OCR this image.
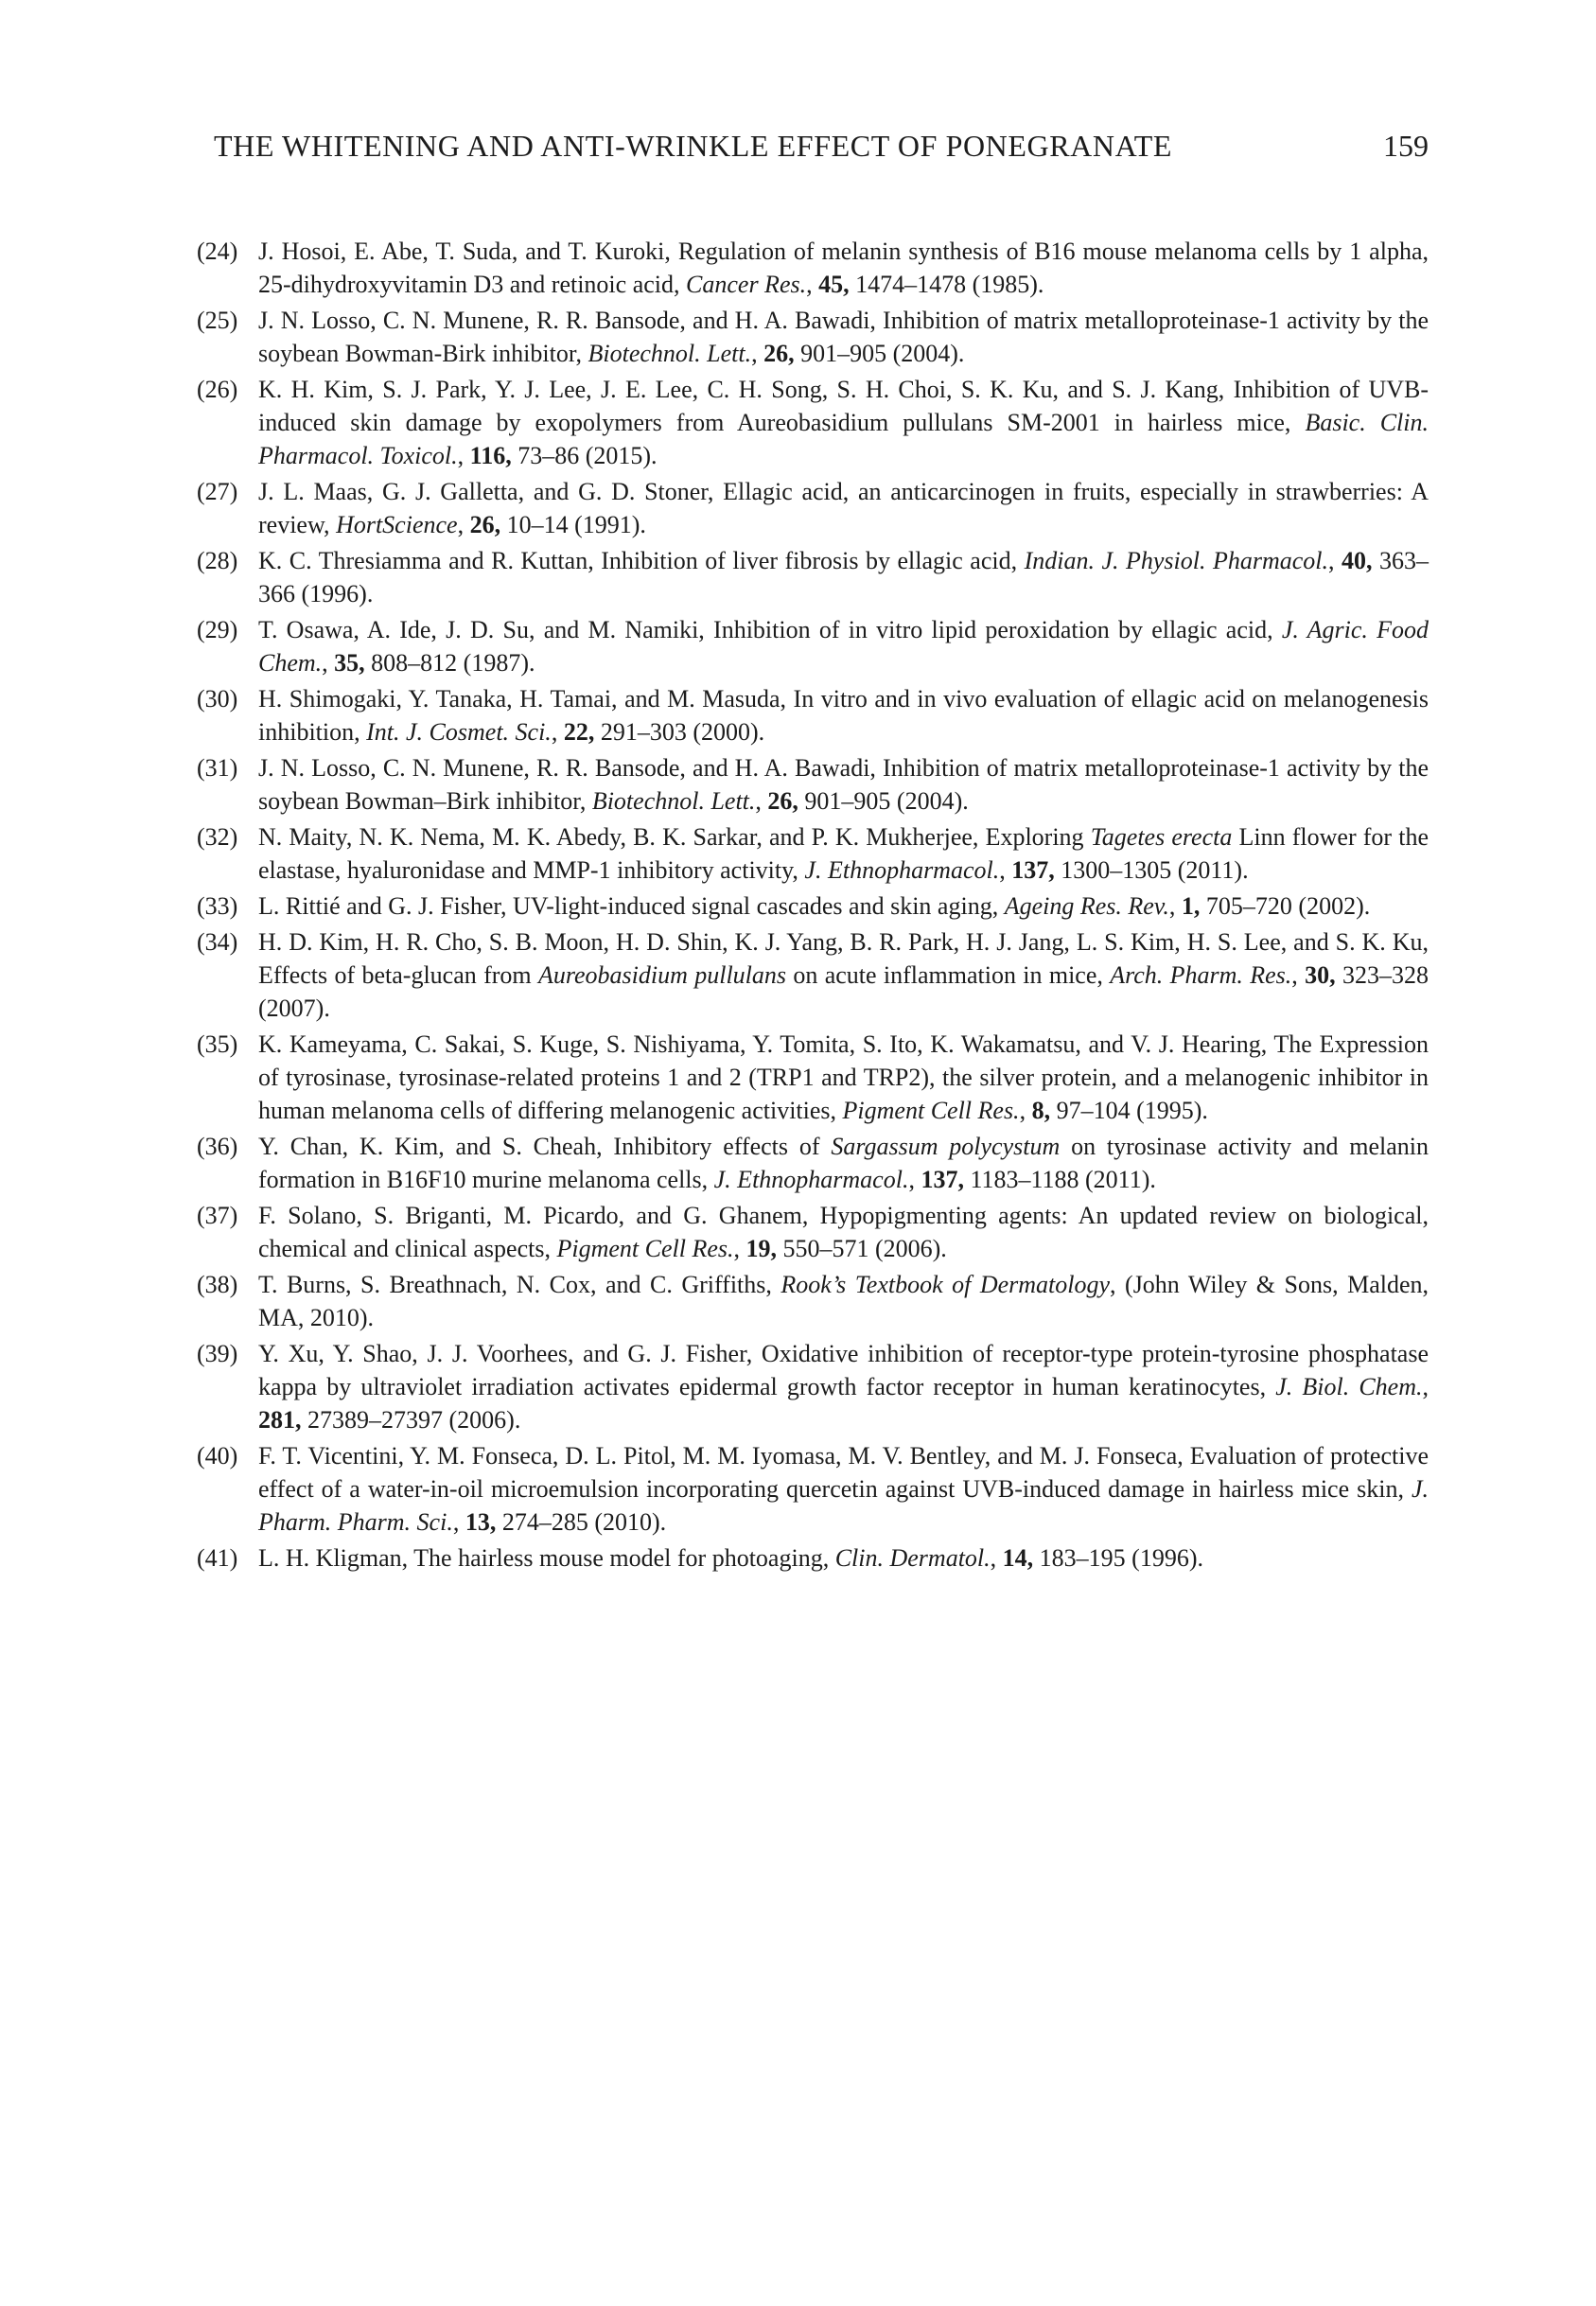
THE WHITENING AND ANTI-WRINKLE EFFECT OF PONEGRANATE	159
(24) J. Hosoi, E. Abe, T. Suda, and T. Kuroki, Regulation of melanin synthesis of B16 mouse melanoma cells by 1 alpha, 25-dihydroxyvitamin D3 and retinoic acid, Cancer Res., 45, 1474–1478 (1985).
(25) J. N. Losso, C. N. Munene, R. R. Bansode, and H. A. Bawadi, Inhibition of matrix metalloproteinase-1 activity by the soybean Bowman-Birk inhibitor, Biotechnol. Lett., 26, 901–905 (2004).
(26) K. H. Kim, S. J. Park, Y. J. Lee, J. E. Lee, C. H. Song, S. H. Choi, S. K. Ku, and S. J. Kang, Inhibition of UVB-induced skin damage by exopolymers from Aureobasidium pullulans SM-2001 in hairless mice, Basic. Clin. Pharmacol. Toxicol., 116, 73–86 (2015).
(27) J. L. Maas, G. J. Galletta, and G. D. Stoner, Ellagic acid, an anticarcinogen in fruits, especially in strawberries: A review, HortScience, 26, 10–14 (1991).
(28) K. C. Thresiamma and R. Kuttan, Inhibition of liver fibrosis by ellagic acid, Indian. J. Physiol. Pharmacol., 40, 363–366 (1996).
(29) T. Osawa, A. Ide, J. D. Su, and M. Namiki, Inhibition of in vitro lipid peroxidation by ellagic acid, J. Agric. Food Chem., 35, 808–812 (1987).
(30) H. Shimogaki, Y. Tanaka, H. Tamai, and M. Masuda, In vitro and in vivo evaluation of ellagic acid on melanogenesis inhibition, Int. J. Cosmet. Sci., 22, 291–303 (2000).
(31) J. N. Losso, C. N. Munene, R. R. Bansode, and H. A. Bawadi, Inhibition of matrix metalloproteinase-1 activity by the soybean Bowman–Birk inhibitor, Biotechnol. Lett., 26, 901–905 (2004).
(32) N. Maity, N. K. Nema, M. K. Abedy, B. K. Sarkar, and P. K. Mukherjee, Exploring Tagetes erecta Linn flower for the elastase, hyaluronidase and MMP-1 inhibitory activity, J. Ethnopharmacol., 137, 1300–1305 (2011).
(33) L. Rittié and G. J. Fisher, UV-light-induced signal cascades and skin aging, Ageing Res. Rev., 1, 705–720 (2002).
(34) H. D. Kim, H. R. Cho, S. B. Moon, H. D. Shin, K. J. Yang, B. R. Park, H. J. Jang, L. S. Kim, H. S. Lee, and S. K. Ku, Effects of beta-glucan from Aureobasidium pullulans on acute inflammation in mice, Arch. Pharm. Res., 30, 323–328 (2007).
(35) K. Kameyama, C. Sakai, S. Kuge, S. Nishiyama, Y. Tomita, S. Ito, K. Wakamatsu, and V. J. Hearing, The Expression of tyrosinase, tyrosinase-related proteins 1 and 2 (TRP1 and TRP2), the silver protein, and a melanogenic inhibitor in human melanoma cells of differing melanogenic activities, Pigment Cell Res., 8, 97–104 (1995).
(36) Y. Chan, K. Kim, and S. Cheah, Inhibitory effects of Sargassum polycystum on tyrosinase activity and melanin formation in B16F10 murine melanoma cells, J. Ethnopharmacol., 137, 1183–1188 (2011).
(37) F. Solano, S. Briganti, M. Picardo, and G. Ghanem, Hypopigmenting agents: An updated review on biological, chemical and clinical aspects, Pigment Cell Res., 19, 550–571 (2006).
(38) T. Burns, S. Breathnach, N. Cox, and C. Griffiths, Rook’s Textbook of Dermatology, (John Wiley & Sons, Malden, MA, 2010).
(39) Y. Xu, Y. Shao, J. J. Voorhees, and G. J. Fisher, Oxidative inhibition of receptor-type protein-tyrosine phosphatase kappa by ultraviolet irradiation activates epidermal growth factor receptor in human keratinocytes, J. Biol. Chem., 281, 27389–27397 (2006).
(40) F. T. Vicentini, Y. M. Fonseca, D. L. Pitol, M. M. Iyomasa, M. V. Bentley, and M. J. Fonseca, Evaluation of protective effect of a water-in-oil microemulsion incorporating quercetin against UVB-induced damage in hairless mice skin, J. Pharm. Pharm. Sci., 13, 274–285 (2010).
(41) L. H. Kligman, The hairless mouse model for photoaging, Clin. Dermatol., 14, 183–195 (1996).
